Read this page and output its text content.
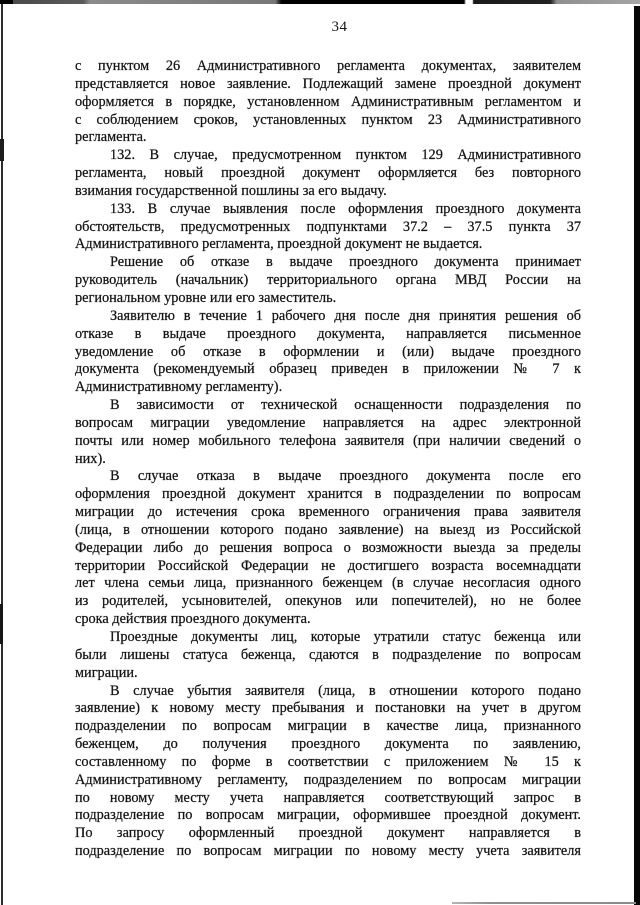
34
с пунктом 26 Административного регламента документах, заявителем
представляется новое заявление. Подлежащий замене проездной документ
оформляется в порядке, установленном Административным регламентом и
с соблюдением сроков, установленных пунктом 23 Административного
регламента.
132. В случае, предусмотренном пунктом 129 Административного
регламента, новый проездной документ оформляется без повторного
взимания государственной пошлины за его выдачу.
133. В случае выявления после оформления проездного документа
обстоятельств, предусмотренных подпунктами 37.2 – 37.5 пункта 37
Административного регламента, проездной документ не выдается.
Решение об отказе в выдаче проездного документа принимает
руководитель (начальник) территориального органа МВД России на
региональном уровне или его заместитель.
Заявителю в течение 1 рабочего дня после дня принятия решения об
отказе в выдаче проездного документа, направляется письменное
уведомление об отказе в оформлении и (или) выдаче проездного
документа (рекомендуемый образец приведен в приложении № 7 к
Административному регламенту).
В зависимости от технической оснащенности подразделения по
вопросам миграции уведомление направляется на адрес электронной
почты или номер мобильного телефона заявителя (при наличии сведений о
них).
В случае отказа в выдаче проездного документа после его
оформления проездной документ хранится в подразделении по вопросам
миграции до истечения срока временного ограничения права заявителя
(лица, в отношении которого подано заявление) на выезд из Российской
Федерации либо до решения вопроса о возможности выезда за пределы
территории Российской Федерации не достигшего возраста восемнадцати
лет члена семьи лица, признанного беженцем (в случае несогласия одного
из родителей, усыновителей, опекунов или попечителей), но не более
срока действия проездного документа.
Проездные документы лиц, которые утратили статус беженца или
были лишены статуса беженца, сдаются в подразделение по вопросам
миграции.
В случае убытия заявителя (лица, в отношении которого подано
заявление) к новому месту пребывания и постановки на учет в другом
подразделении по вопросам миграции в качестве лица, признанного
беженцем, до получения проездного документа по заявлению,
составленному по форме в соответствии с приложением № 15 к
Административному регламенту, подразделением по вопросам миграции
по новому месту учета направляется соответствующий запрос в
подразделение по вопросам миграции, оформившее проездной документ.
По запросу оформленный проездной документ направляется в
подразделение по вопросам миграции по новому месту учета заявителя
